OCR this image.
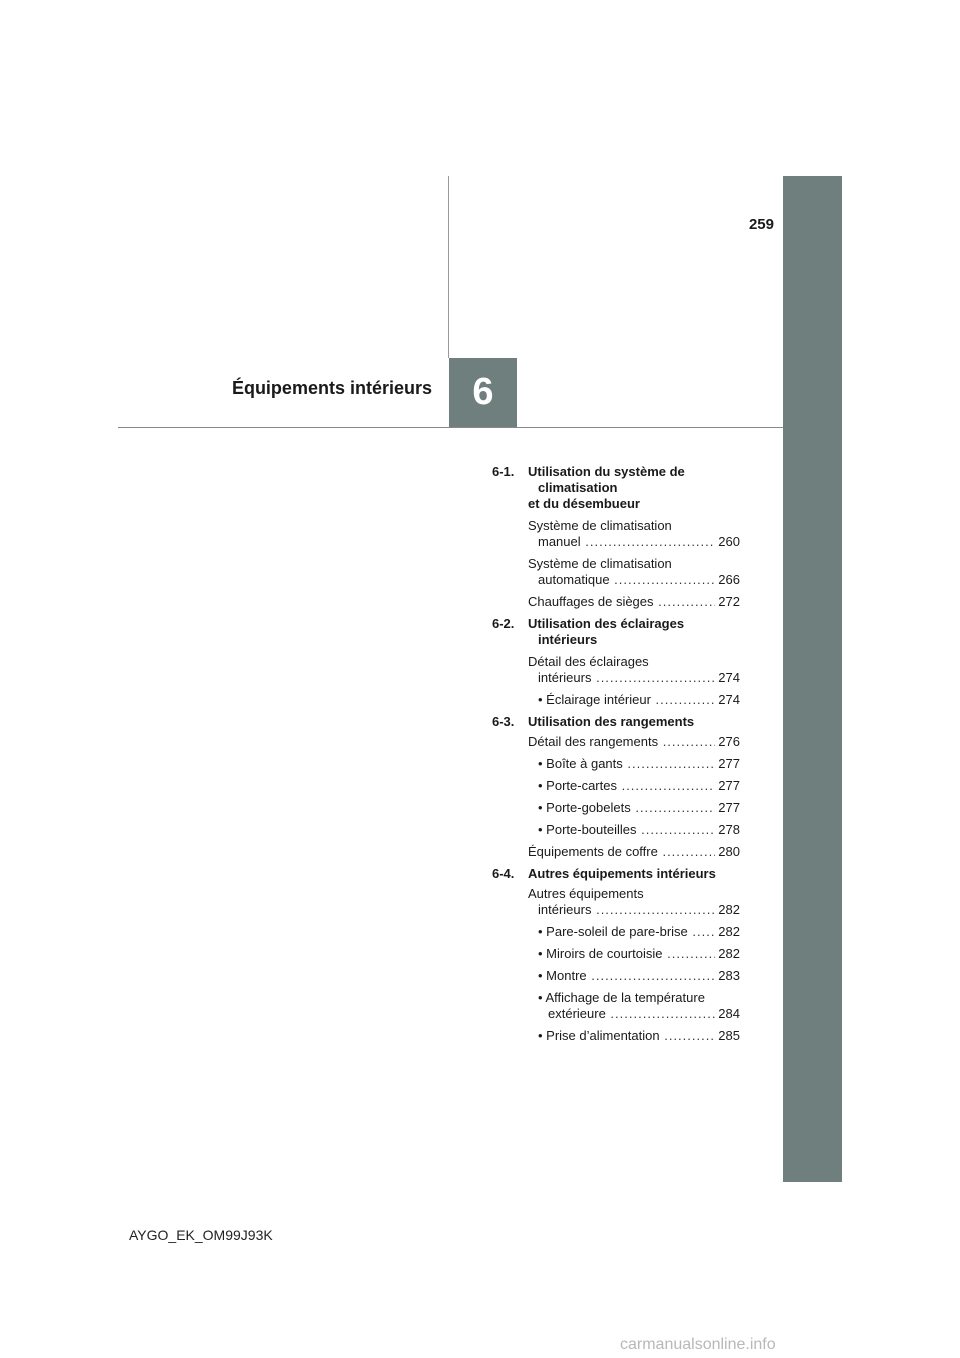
259
6
Équipements intérieurs
6-1.	Utilisation du système de
climatisation
et du désembueur
Système de climatisation
manuel .....	260
Système de climatisation
automatique .....	266
Chauffages de sièges .....	272
6-2.	Utilisation des éclairages
intérieurs
Détail des éclairages
intérieurs .....	274
• Éclairage intérieur .....	274
6-3.	Utilisation des rangements
Détail des rangements .....	276
• Boîte à gants .....	277
• Porte-cartes .....	277
• Porte-gobelets .....	277
• Porte-bouteilles .....	278
Équipements de coffre .....	280
6-4.	Autres équipements intérieurs
Autres équipements
intérieurs .....	282
• Pare-soleil de pare-brise .....	282
• Miroirs de courtoisie .....	282
• Montre .....	283
• Affichage de la température
extérieure .....	284
• Prise d’alimentation .....	285
AYGO_EK_OM99J93K
carmanualsonline.info
